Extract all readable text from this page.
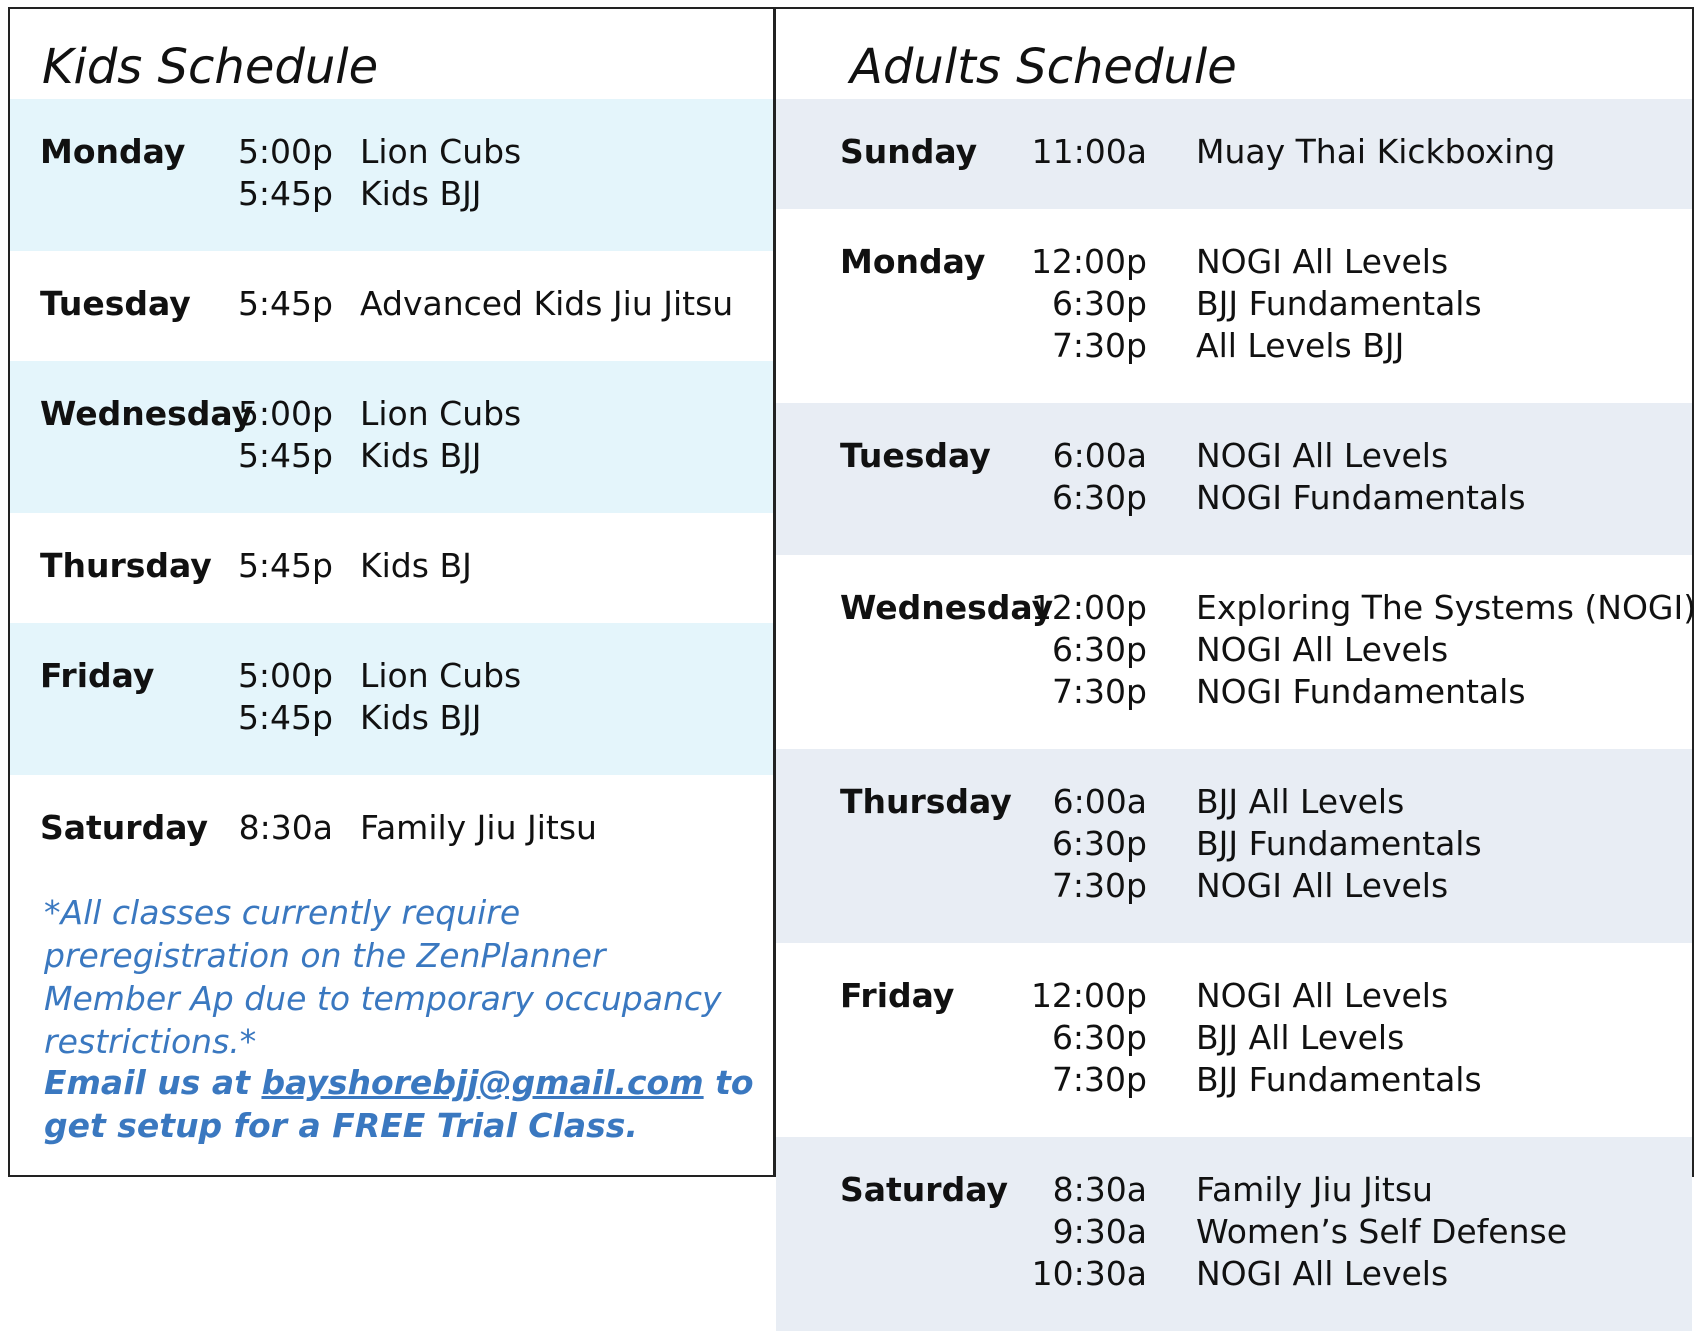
Kids Schedule
Monday 5:00p Lion Cubs
5:45p Kids BJJ
Tuesday 5:45p Advanced Kids Jiu Jitsu
Wednesday
5:00p Lion Cubs
5:45p Kids BJJ
Thursday 5:45p Kids BJ
Friday	5:00p Lion Cubs
5:45p Kids BJJ
Saturday 8:30a Family Jiu Jitsu

*All classes currently require preregistration on the ZenPlanner Member Ap due to temporary occupancy restrictions.*

Email us at bayshorebjj@gmail.com to get setup for a FREE Trial Class.

Adults Schedule
Sunday 11:00a Muay Thai Kickboxing
Monday 12:00p NOGI All Levels
6:30p BJJ Fundamentals
7:30p All Levels BJJ
Tuesday 6:00a NOGI All Levels
6:30p NOGI Fundamentals
Wednesday
12:00p Exploring The Systems (NOGI)
6:30p NOGI All Levels
7:30p NOGI Fundamentals
Thursday 6:00a BJJ All Levels
6:30p BJJ Fundamentals
7:30p NOGI All Levels
Friday 12:00p NOGI All Levels
6:30p BJJ All Levels
7:30p BJJ Fundamentals
Saturday 8:30a Family Jiu Jitsu
9:30a Women’s Self Defense
10:30a NOGI All Levels
